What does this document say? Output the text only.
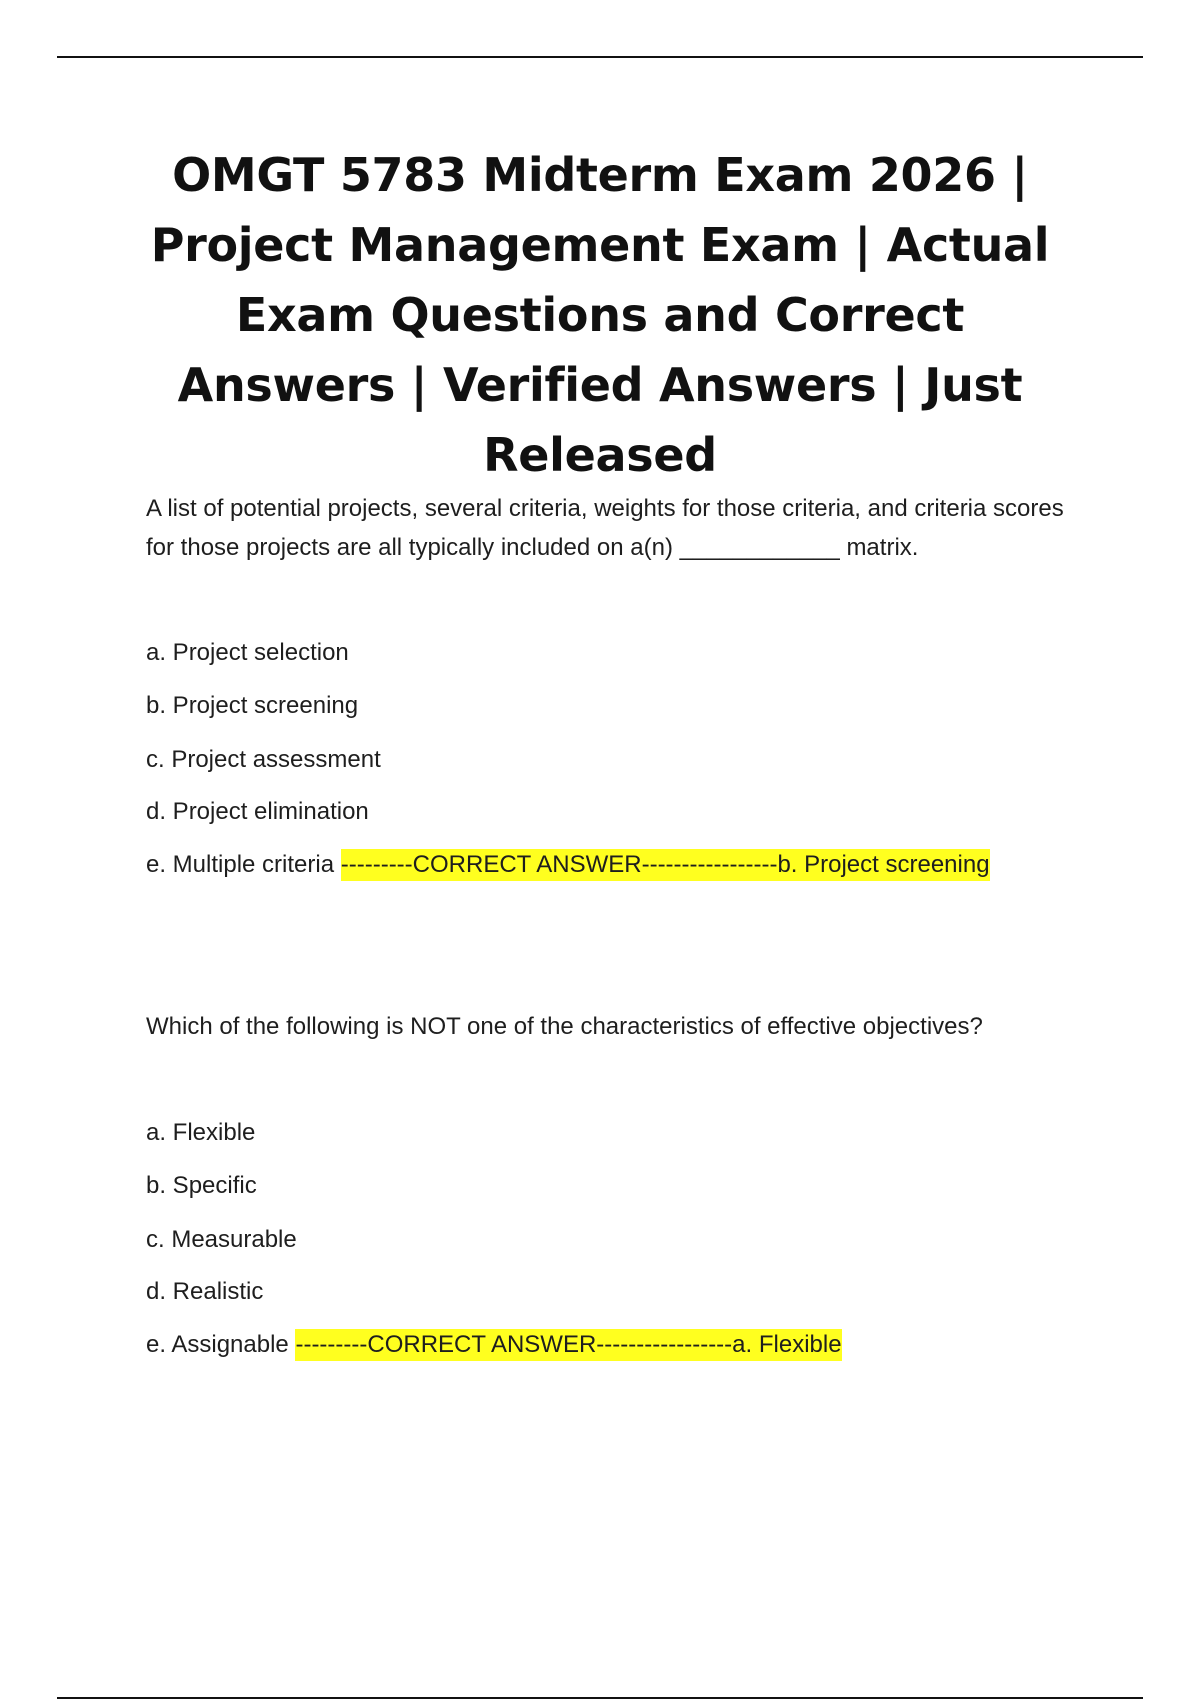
OMGT 5783 Midterm Exam 2026 | Project Management Exam | Actual Exam Questions and Correct Answers | Verified Answers | Just Released

A list of potential projects, several criteria, weights for those criteria, and criteria scores for those projects are all typically included on a(n) ____________ matrix.

a. Project selection

b. Project screening

c. Project assessment

d. Project elimination

e. Multiple criteria ---------CORRECT ANSWER-----------------b. Project screening

Which of the following is NOT one of the characteristics of effective objectives?

a. Flexible

b. Specific

c. Measurable

d. Realistic

e. Assignable ---------CORRECT ANSWER-----------------a. Flexible
